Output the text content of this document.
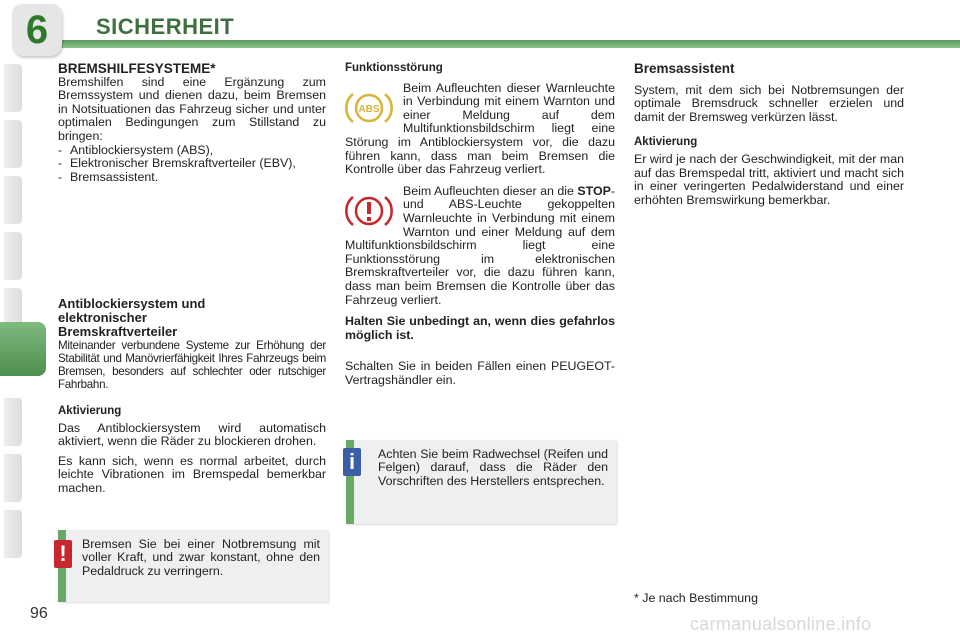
6	SICHERHEIT

BREMSHILFESYSTEME*

Bremshilfen sind eine Ergänzung zum Bremssystem und dienen dazu, beim Bremsen in Notsituationen das Fahrzeug sicher und unter optimalen Bedingungen zum Stillstand zu bringen:

- Antiblockiersystem (ABS),
- Elektronischer Bremskraftverteiler (EBV),
- Bremsassistent.

Antiblockiersystem und elektronischer Bremskraftverteiler

Miteinander verbundene Systeme zur Erhöhung der Stabilität und Manövrierfähigkeit Ihres Fahrzeugs beim Bremsen, besonders auf schlechter oder rutschiger Fahrbahn.

Aktivierung

Das Antiblockiersystem wird automatisch aktiviert, wenn die Räder zu blockieren drohen.

Es kann sich, wenn es normal arbeitet, durch leichte Vibrationen im Bremspedal bemerkbar machen.

Bremsen Sie bei einer Notbremsung mit voller Kraft, und zwar konstant, ohne den Pedaldruck zu verringern.
!

Funktionsstörung

ABS

Beim Aufleuchten dieser Warnleuchte in Verbindung mit einem Warnton und einer Meldung auf dem Multifunktionsbildschirm liegt eine Störung im Antiblockiersystem vor, die dazu führen kann, dass man beim Bremsen die Kontrolle über das Fahrzeug verliert.

Beim Aufleuchten dieser an die STOP- und ABS-Leuchte gekoppelten Warnleuchte in Verbindung mit einem Warnton und einer Meldung auf dem Multifunktionsbildschirm liegt eine Funktionsstörung im elektronischen Bremskraftverteiler vor, die dazu führen kann, dass man beim Bremsen die Kontrolle über das Fahrzeug verliert.

Halten Sie unbedingt an, wenn dies gefahrlos möglich ist.

Schalten Sie in beiden Fällen einen PEUGEOT-Vertragshändler ein.

Achten Sie beim Radwechsel (Reifen und Felgen) darauf, dass die Räder den Vorschriften des Herstellers entsprechen.
i

Bremsassistent

System, mit dem sich bei Notbremsungen der optimale Bremsdruck schneller erzielen und damit der Bremsweg verkürzen lässt.

Aktivierung

Er wird je nach der Geschwindigkeit, mit der man auf das Bremspedal tritt, aktiviert und macht sich in einer veringerten Pedalwiderstand und einer erhöhten Bremswirkung bemerkbar.

* Je nach Bestimmung
96
carmanualsonline.info
